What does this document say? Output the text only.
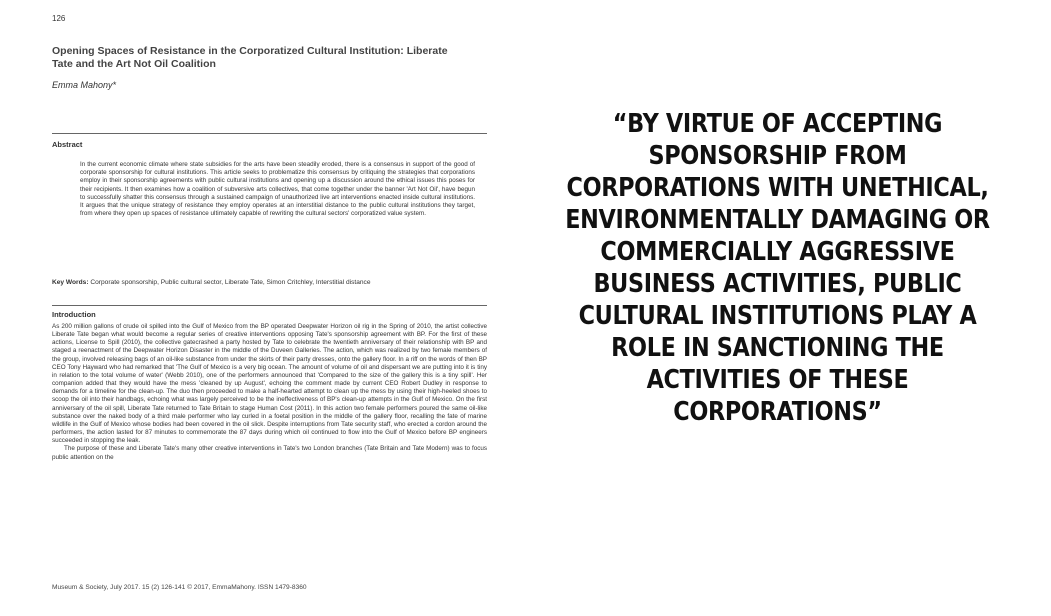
126
Opening Spaces of Resistance in the Corporatized Cultural Institution: Liberate Tate and the Art Not Oil Coalition
Emma Mahony*
Abstract

In the current economic climate where state subsidies for the arts have been steadily eroded, there is a consensus in support of the good of corporate sponsorship for cultural institutions. This article seeks to problematize this consensus by critiquing the strategies that corporations employ in their sponsorship agreements with public cultural institutions and opening up a discussion around the ethical issues this poses for their recipients. It then examines how a coalition of subversive arts collectives, that come together under the banner 'Art Not Oil', have begun to successfully shatter this consensus through a sustained campaign of unauthorized live art interventions enacted inside cultural institutions. It argues that the unique strategy of resistance they employ operates at an interstitial distance to the public cultural institutions they target, from where they open up spaces of resistance ultimately capable of rewriting the cultural sectors' corporatized value system.

Key Words: Corporate sponsorship, Public cultural sector, Liberate Tate, Simon Critchley, Interstitial distance

Introduction

As 200 million gallons of crude oil spilled into the Gulf of Mexico from the BP operated Deepwater Horizon oil rig in the Spring of 2010, the artist collective Liberate Tate began what would become a regular series of creative interventions opposing Tate's sponsorship agreement with BP. For the first of these actions, License to Spill (2010), the collective gatecrashed a party hosted by Tate to celebrate the twentieth anniversary of their relationship with BP and staged a reenactment of the Deepwater Horizon Disaster in the middle of the Duveen Galleries. The action, which was realized by two female members of the group, involved releasing bags of an oil-like substance from under the skirts of their party dresses, onto the gallery floor. In a riff on the words of then BP CEO Tony Hayward who had remarked that 'The Gulf of Mexico is a very big ocean. The amount of volume of oil and dispersant we are putting into it is tiny in relation to the total volume of water' (Webb 2010), one of the performers announced that 'Compared to the size of the gallery this is a tiny spill'. Her companion added that they would have the mess 'cleaned by up August', echoing the comment made by current CEO Robert Dudley in response to demands for a timeline for the clean-up. The duo then proceeded to make a half-hearted attempt to clean up the mess by using their high-heeled shoes to scoop the oil into their handbags, echoing what was largely perceived to be the ineffectiveness of BP's clean-up attempts in the Gulf of Mexico. On the first anniversary of the oil spill, Liberate Tate returned to Tate Britain to stage Human Cost (2011). In this action two female performers poured the same oil-like substance over the naked body of a third male performer who lay curled in a foetal position in the middle of the gallery floor, recalling the fate of marine wildlife in the Gulf of Mexico whose bodies had been covered in the oil slick. Despite interruptions from Tate security staff, who erected a cordon around the performers, the action lasted for 87 minutes to commemorate the 87 days during which oil continued to flow into the Gulf of Mexico before BP engineers succeeded in stopping the leak.

The purpose of these and Liberate Tate's many other creative interventions in Tate's two London branches (Tate Britain and Tate Modern) was to focus public attention on the

Museum & Society, July 2017. 15 (2) 126-141 © 2017, EmmaMahony. ISSN 1479-8360

“BY VIRTUE OF ACCEPTING SPONSORSHIP FROM CORPORATIONS WITH UNETHICAL, ENVIRONMENTALLY DAMAGING OR COMMERCIALLY AGGRESSIVE BUSINESS ACTIVITIES, PUBLIC CULTURAL INSTITUTIONS PLAY A ROLE IN SANCTIONING THE ACTIVITIES OF THESE CORPORATIONS”
